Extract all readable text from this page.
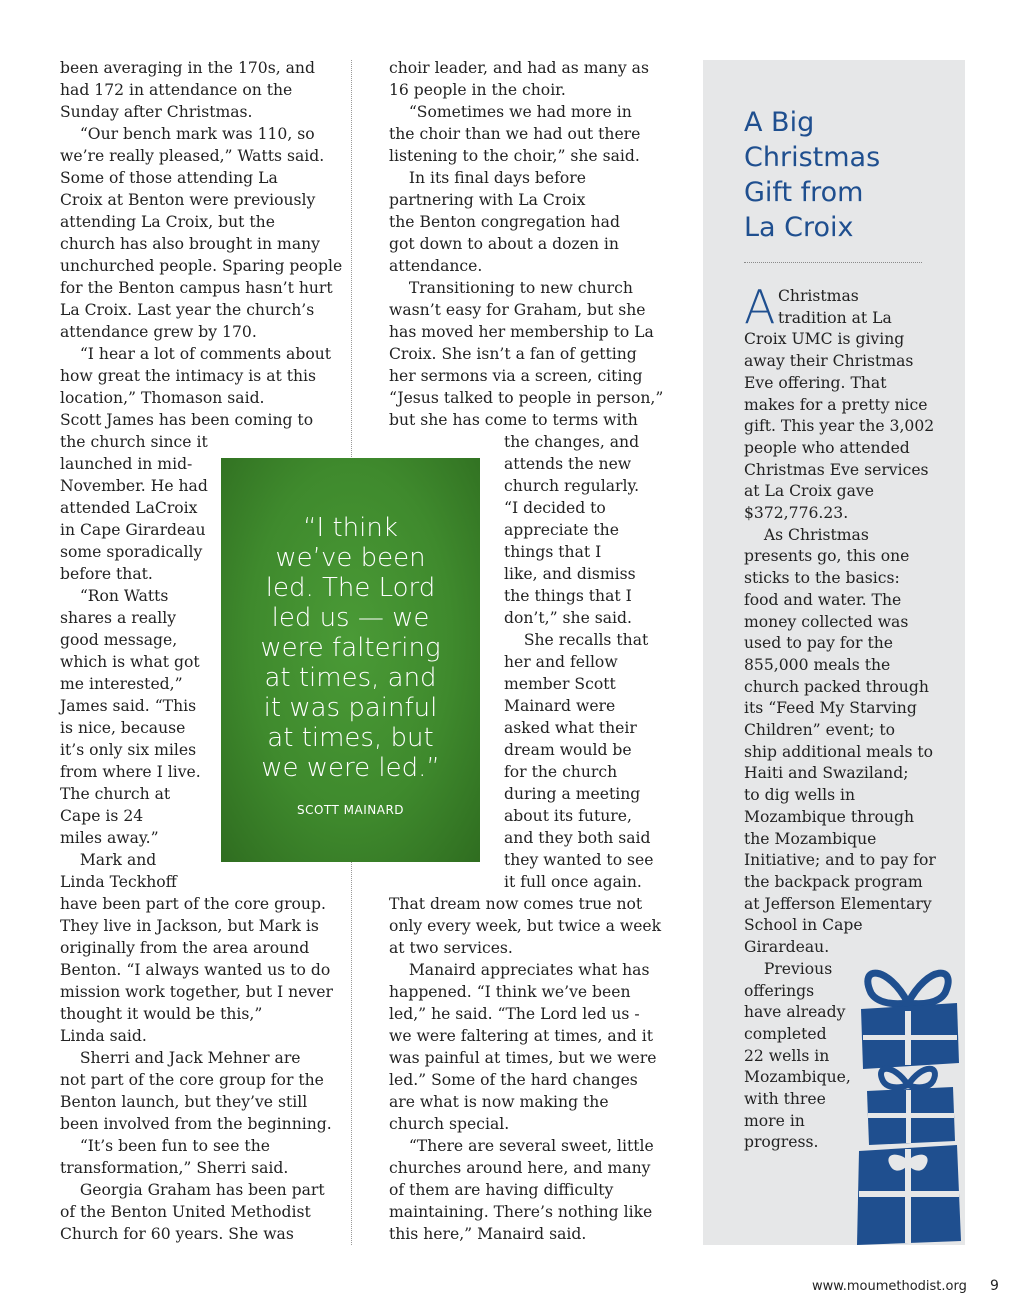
been averaging in the 170s, and
had 172 in attendance on the
Sunday after Christmas.
“Our bench mark was 110, so
we’re really pleased,” Watts said.
Some of those attending La
Croix at Benton were previously
attending La Croix, but the
church has also brought in many
unchurched people. Sparing people
for the Benton campus hasn’t hurt
La Croix. Last year the church’s
attendance grew by 170.
“I hear a lot of comments about
how great the intimacy is at this
location,” Thomason said.
Scott James has been coming to
the church since it
launched in mid-
November. He had
attended LaCroix
in Cape Girardeau
some sporadically
before that.
“Ron Watts
shares a really
good message,
which is what got
me interested,”
James said. “This
is nice, because
it’s only six miles
from where I live.
The church at
Cape is 24
miles away.”
Mark and
Linda Teckhoff
have been part of the core group.
They live in Jackson, but Mark is
originally from the area around
Benton. “I always wanted us to do
mission work together, but I never
thought it would be this,”
Linda said.
Sherri and Jack Mehner are
not part of the core group for the
Benton launch, but they’ve still
been involved from the beginning.
“It’s been fun to see the
transformation,” Sherri said.
Georgia Graham has been part
of the Benton United Methodist
Church for 60 years. She was
choir leader, and had as many as
16 people in the choir.
“Sometimes we had more in
the choir than we had out there
listening to the choir,” she said.
In its final days before
partnering with La Croix
the Benton congregation had
got down to about a dozen in
attendance.
Transitioning to new church
wasn’t easy for Graham, but she
has moved her membership to La
Croix. She isn’t a fan of getting
her sermons via a screen, citing
“Jesus talked to people in person,”
but she has come to terms with
the changes, and
attends the new
church regularly.
“I decided to
appreciate the
things that I
like, and dismiss
the things that I
don’t,” she said.
She recalls that
her and fellow
member Scott
Mainard were
asked what their
dream would be
for the church
during a meeting
about its future,
and they both said
they wanted to see
it full once again.
That dream now comes true not
only every week, but twice a week
at two services.
Manaird appreciates what has
happened. “I think we’ve been
led,” he said. “The Lord led us -
we were faltering at times, and it
was painful at times, but we were
led.” Some of the hard changes
are what is now making the
church special.
“There are several sweet, little
churches around here, and many
of them are having difficulty
maintaining. There’s nothing like
this here,” Manaird said.
“I think
we’ve been
led. The Lord
led us — we
were faltering
at times, and
it was painful
at times, but
we were led.”
SCOTT MAINARD
A Big
Christmas
Gift from
La Croix
A Christmas
tradition at La
Croix UMC is giving
away their Christmas
Eve offering. That
makes for a pretty nice
gift. This year the 3,002
people who attended
Christmas Eve services
at La Croix gave
$372,776.23.
As Christmas
presents go, this one
sticks to the basics:
food and water. The
money collected was
used to pay for the
855,000 meals the
church packed through
its “Feed My Starving
Children” event; to
ship additional meals to
Haiti and Swaziland;
to dig wells in
Mozambique through
the Mozambique
Initiative; and to pay for
the backpack program
at Jefferson Elementary
School in Cape
Girardeau.
Previous
offerings
have already
completed
22 wells in
Mozambique,
with three
more in
progress.
www.moumethodist.org 9
